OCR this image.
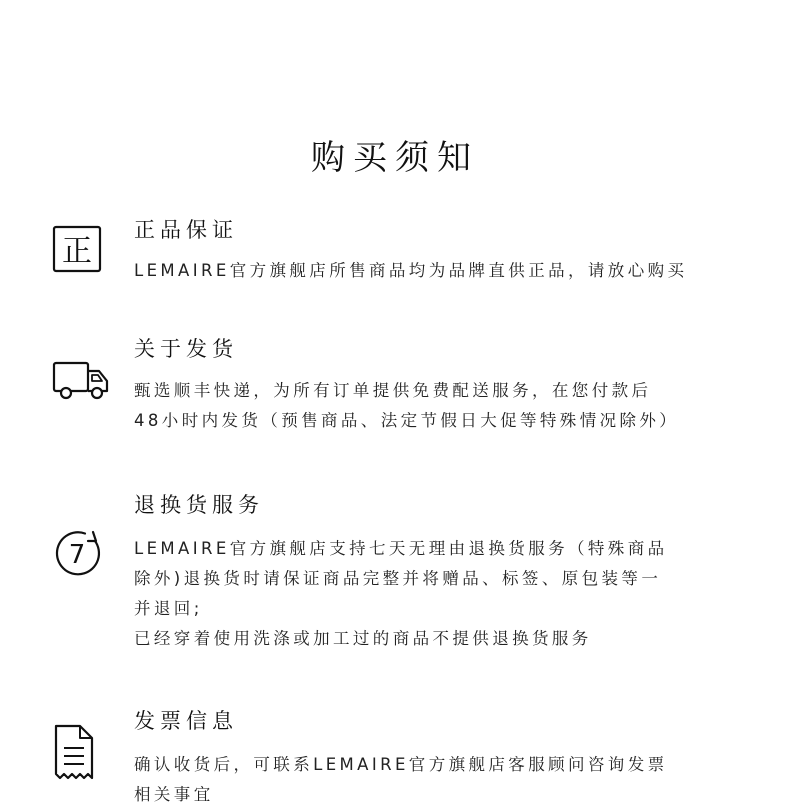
购买须知
正
正品保证

LEMAIRE官方旗舰店所售商品均为品牌直供正品，请放心购买

关于发货

甄选顺丰快递，为所有订单提供免费配送服务，在您付款后

48小时内发货（预售商品、法定节假日大促等特殊情况除外）

7
退换货服务

LEMAIRE官方旗舰店支持七天无理由退换货服务（特殊商品

除外)退换货时请保证商品完整并将赠品、标签、原包装等一

并退回;

已经穿着使用洗涤或加工过的商品不提供退换货服务

发票信息

确认收货后，可联系LEMAIRE官方旗舰店客服顾问咨询发票

相关事宜
